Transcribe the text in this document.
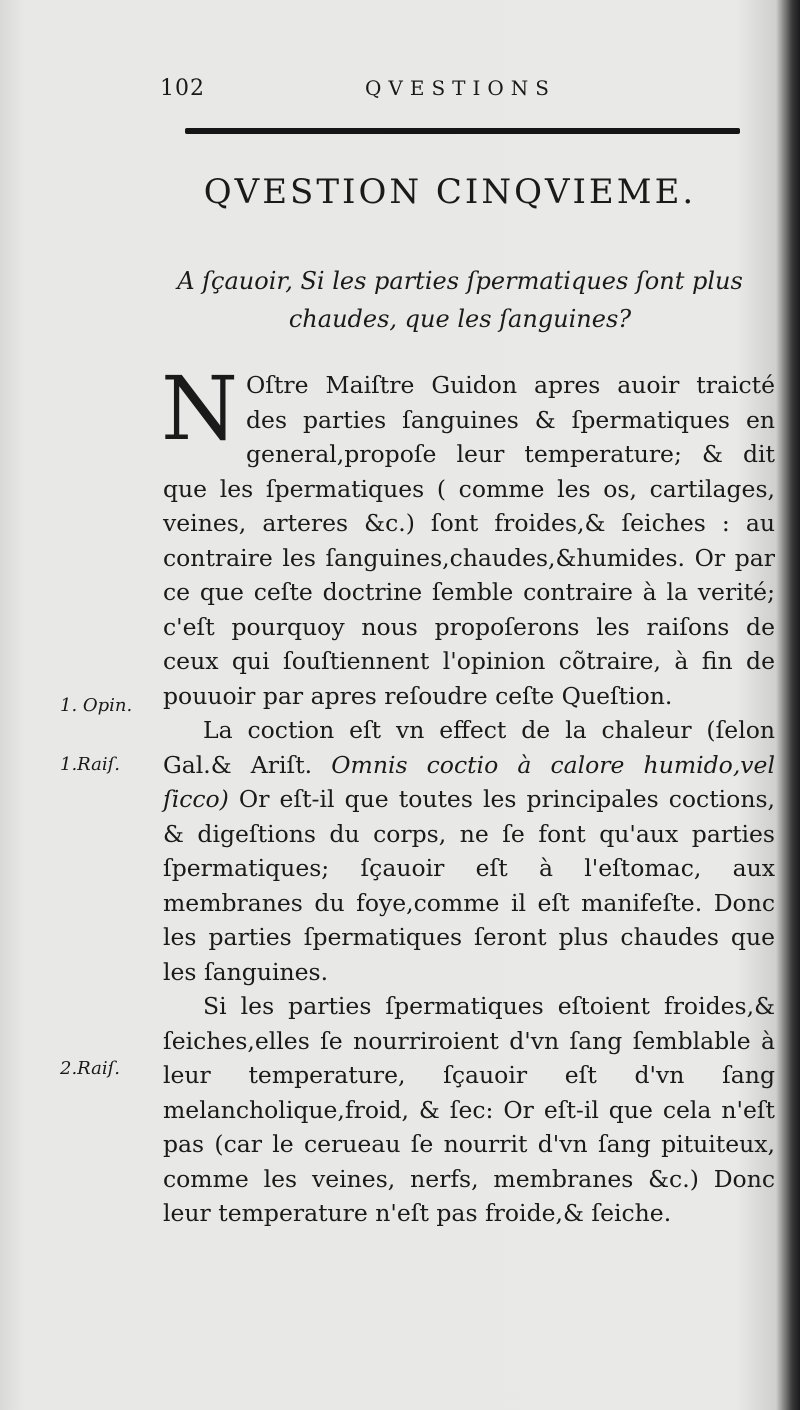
102	QVESTIONS
QVESTION CINQVIEME.
A ſçauoir, Si les parties ſpermatiques ſont plus chaudes, que les ſanguines?
1. Opin.
1.Raiſ.
2.Raiſ.

N Oſtre Maiſtre Guidon apres auoir traicté des parties ſanguines & ſpermatiques en general,propoſe leur temperature; & dit que les ſpermatiques ( comme les os, cartilages, veines, arteres &c.) ſont froides,& ſeiches : au contraire les ſanguines,chaudes,&humides. Or par ce que ceſte doctrine ſemble contraire à la verité; c'eſt pourquoy nous propoſerons les raiſons de ceux qui ſouſtiennent l'opinion cõtraire, à fin de pouuoir par apres reſoudre ceſte Queſtion.

La coction eſt vn effect de la chaleur (ſelon Gal.& Ariſt. Omnis coctio à calore humido,vel ſicco) Or eſt-il que toutes les principales coctions, & digeſtions du corps, ne ſe font qu'aux parties ſpermatiques; ſçauoir eſt à l'eſtomac, aux membranes du foye,comme il eſt manifeſte. Donc les parties ſpermatiques ſeront plus chaudes que les ſanguines.

Si les parties ſpermatiques eſtoient froides,& ſeiches,elles ſe nourriroient d'vn ſang ſemblable à leur temperature, ſçauoir eſt d'vn ſang melancholique,froid, & ſec: Or eſt-il que cela n'eſt pas (car le cerueau ſe nourrit d'vn ſang pituiteux, comme les veines, nerfs, membranes &c.) Donc leur temperature n'eſt pas froide,& ſeiche.
